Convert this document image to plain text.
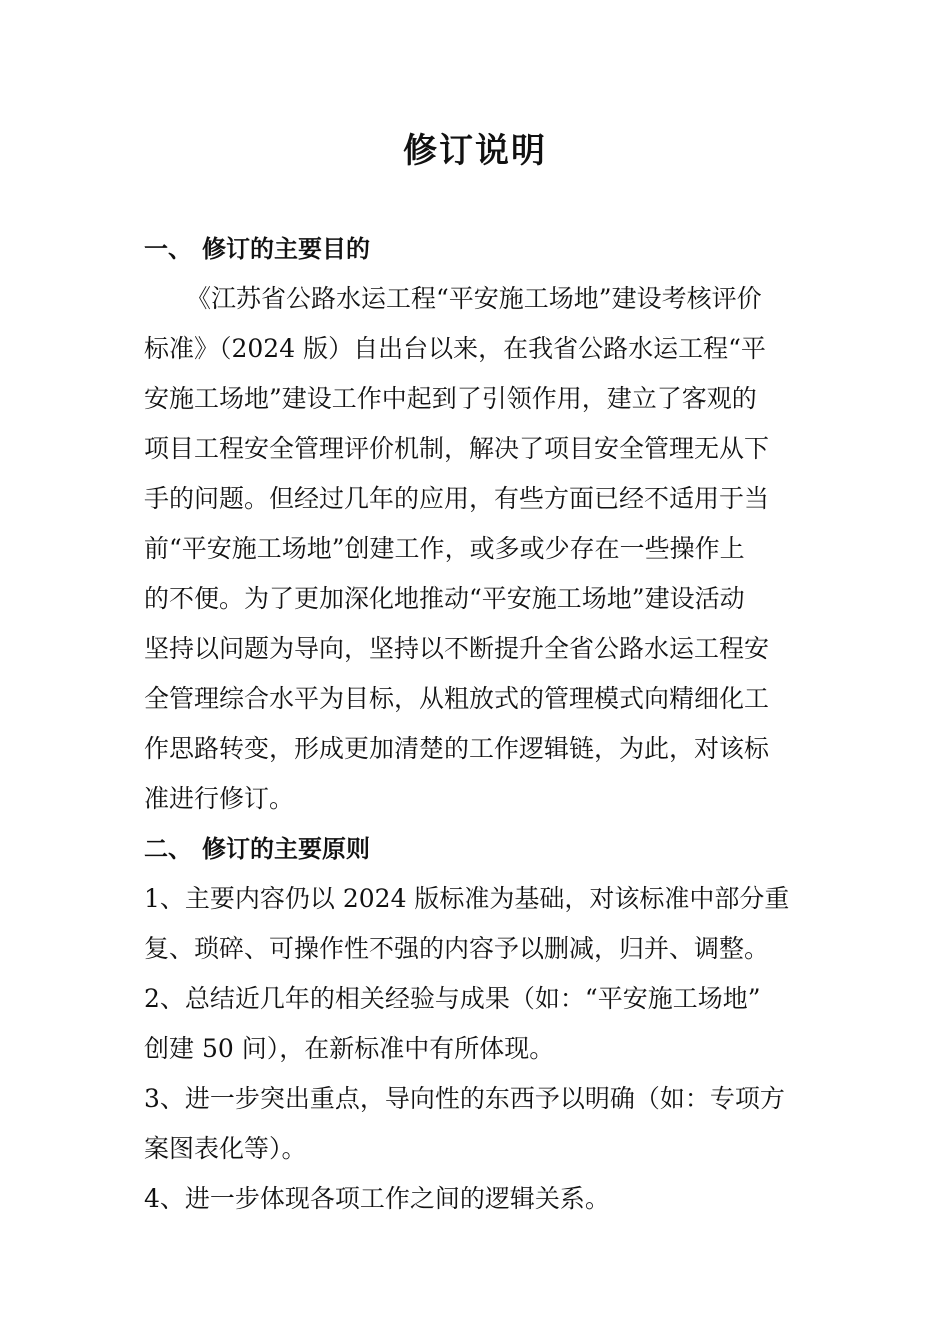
修订说明
一、 修订的主要目的
《江苏省公路水运工程“平安施工场地”建设考核评价
标准》（2024 版）自出台以来，在我省公路水运工程“平
安施工场地”建设工作中起到了引领作用，建立了客观的
项目工程安全管理评价机制，解决了项目安全管理无从下
手的问题。但经过几年的应用，有些方面已经不适用于当
前“平安施工场地”创建工作，或多或少存在一些操作上
的不便。为了更加深化地推动“平安施工场地”建设活动
坚持以问题为导向，坚持以不断提升全省公路水运工程安
全管理综合水平为目标，从粗放式的管理模式向精细化工
作思路转变，形成更加清楚的工作逻辑链，为此，对该标
准进行修订。
二、 修订的主要原则
1、主要内容仍以 2024 版标准为基础，对该标准中部分重
复、琐碎、可操作性不强的内容予以删减，归并、调整。
2、总结近几年的相关经验与成果（如：“平安施工场地”
创建 50 问），在新标准中有所体现。
3、进一步突出重点，导向性的东西予以明确（如：专项方
案图表化等）。
4、进一步体现各项工作之间的逻辑关系。
